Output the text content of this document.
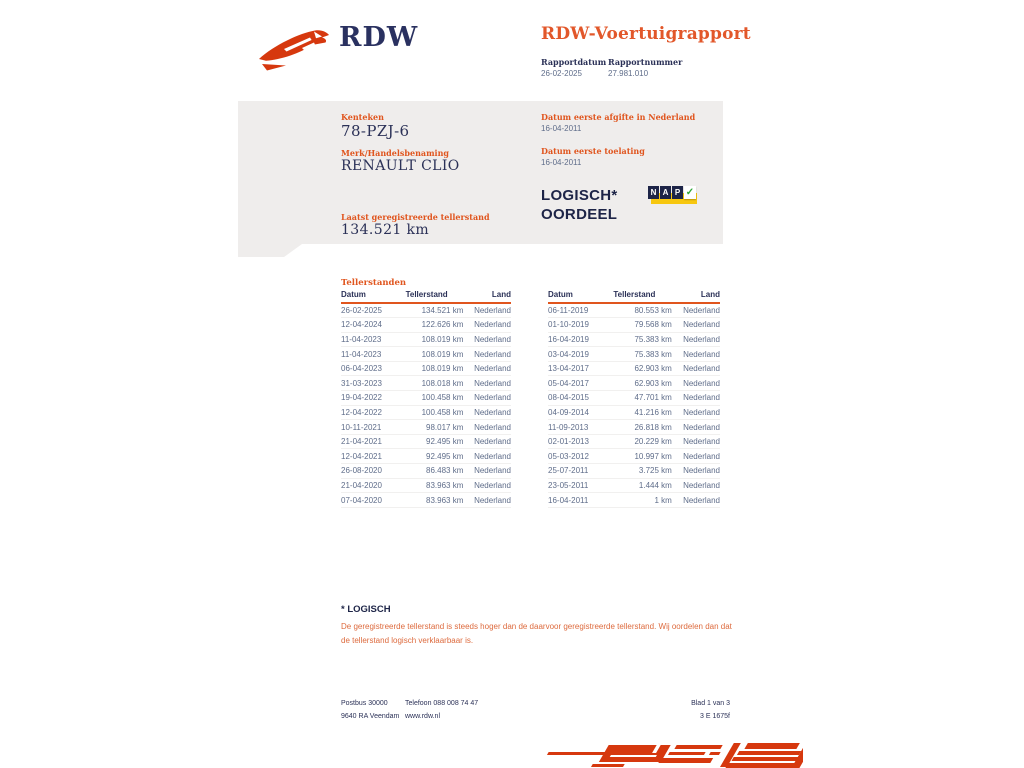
RDW	RDW-Voertuigrapport
Rapportdatum Rapportnummer
26-02-2025	27.981.010
Kenteken
78-PZJ-6
Merk/Handelsbenaming
RENAULT CLIO
Laatst geregistreerde tellerstand
134.521 km
Datum eerste afgifte in Nederland
16-04-2011
Datum eerste toelating
16-04-2011
LOGISCH*
OORDEEL
N A P ✓
Tellerstanden
Datum	Tellerstand	Land
26-02-2025	134.521 km	Nederland
12-04-2024	122.626 km	Nederland
11-04-2023	108.019 km	Nederland
11-04-2023	108.019 km	Nederland
06-04-2023	108.019 km	Nederland
31-03-2023	108.018 km	Nederland
19-04-2022	100.458 km	Nederland
12-04-2022	100.458 km	Nederland
10-11-2021	98.017 km	Nederland
21-04-2021	92.495 km	Nederland
12-04-2021	92.495 km	Nederland
26-08-2020	86.483 km	Nederland
21-04-2020	83.963 km	Nederland
07-04-2020	83.963 km	Nederland
Datum	Tellerstand	Land
06-11-2019	80.553 km	Nederland
01-10-2019	79.568 km	Nederland
16-04-2019	75.383 km	Nederland
03-04-2019	75.383 km	Nederland
13-04-2017	62.903 km	Nederland
05-04-2017	62.903 km	Nederland
08-04-2015	47.701 km	Nederland
04-09-2014	41.216 km	Nederland
11-09-2013	26.818 km	Nederland
02-01-2013	20.229 km	Nederland
05-03-2012	10.997 km	Nederland
25-07-2011	3.725 km	Nederland
23-05-2011	1.444 km	Nederland
16-04-2011	1 km	Nederland
* LOGISCH
De geregistreerde tellerstand is steeds hoger dan de daarvoor geregistreerde tellerstand. Wij oordelen dan dat de tellerstand logisch verklaarbaar is.
Postbus 30000
9640 RA Veendam
Telefoon 088 008 74 47
www.rdw.nl
Blad 1 van 3
3 E 1675f
